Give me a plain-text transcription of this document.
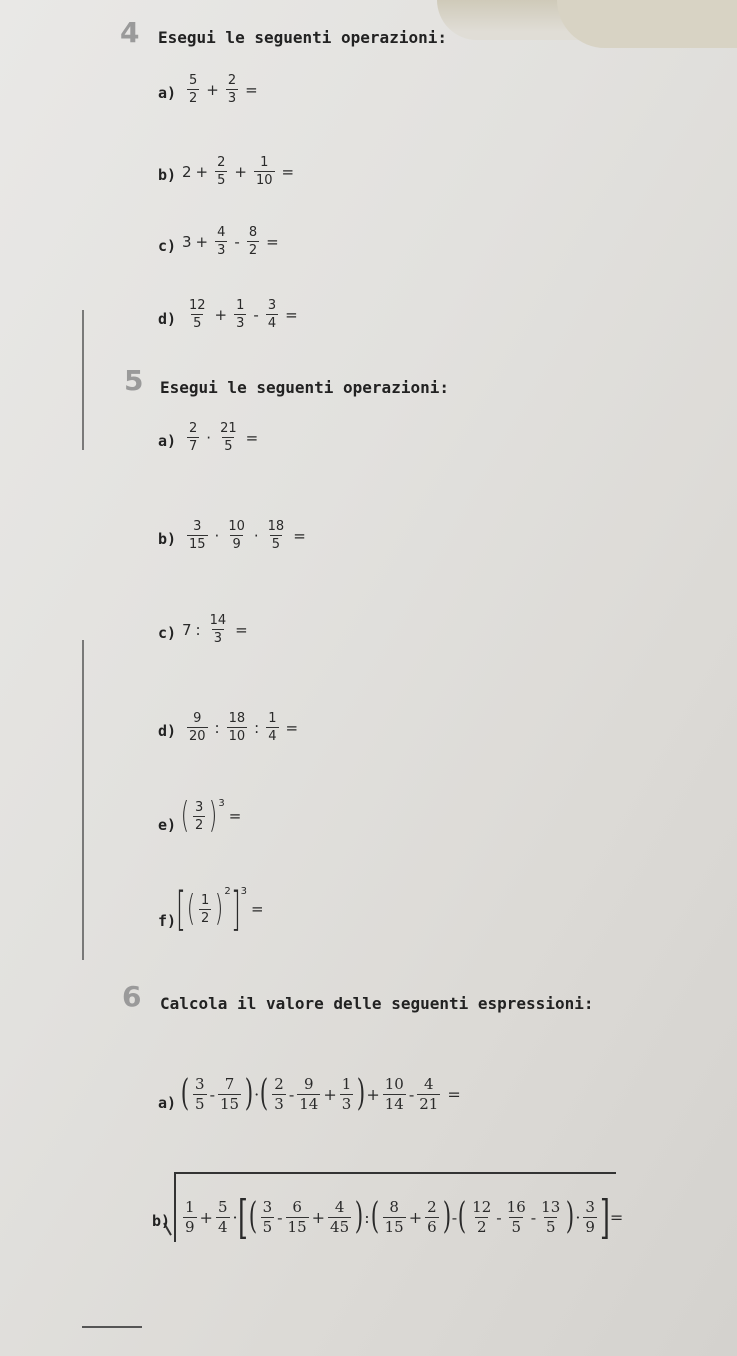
4 Esegui le seguenti operazioni:
a)
5
$2 + \frac{2}{3}$ =
b) $2 + \frac{2}{5} + \frac{1}{10}$ =
c) $3 + \frac{4}{3} - \frac{8}{2}$ =
d)
12
$5 + \frac{1}{3} - \frac{3}{4}$ =
5 Esegui le seguenti operazioni:
a)
2
$7 \cdot \frac{21}{5}$ =
b)
3
15 · 10
$9 \cdot \frac{18}{5}$ =
c) 7 : $\frac{14}{3}$ =
d)
9
20 : 18
10 : $\frac{1}{4}$ =
e) ( 3
2 ) 3
=
f) [ ( 1
2 ) 2 ] 3
=
6 Calcola il valore delle seguenti espressioni:
a) ( 3
5 -
7
15 ) · ( 2
3 -
9
$14 + \frac{1}{3}$ ) + $\frac{10}{14} - \frac{4}{21}$ =
b)
1
$9 + \frac{5}{4}$ · [ ( 3
5 -
6
$15 + \frac{4}{45}$ ) : ( 8
$15 + \frac{2}{6}$ ) - ( 12
2 -
16
5 -
13
5 ) ·
3
9 ] =
